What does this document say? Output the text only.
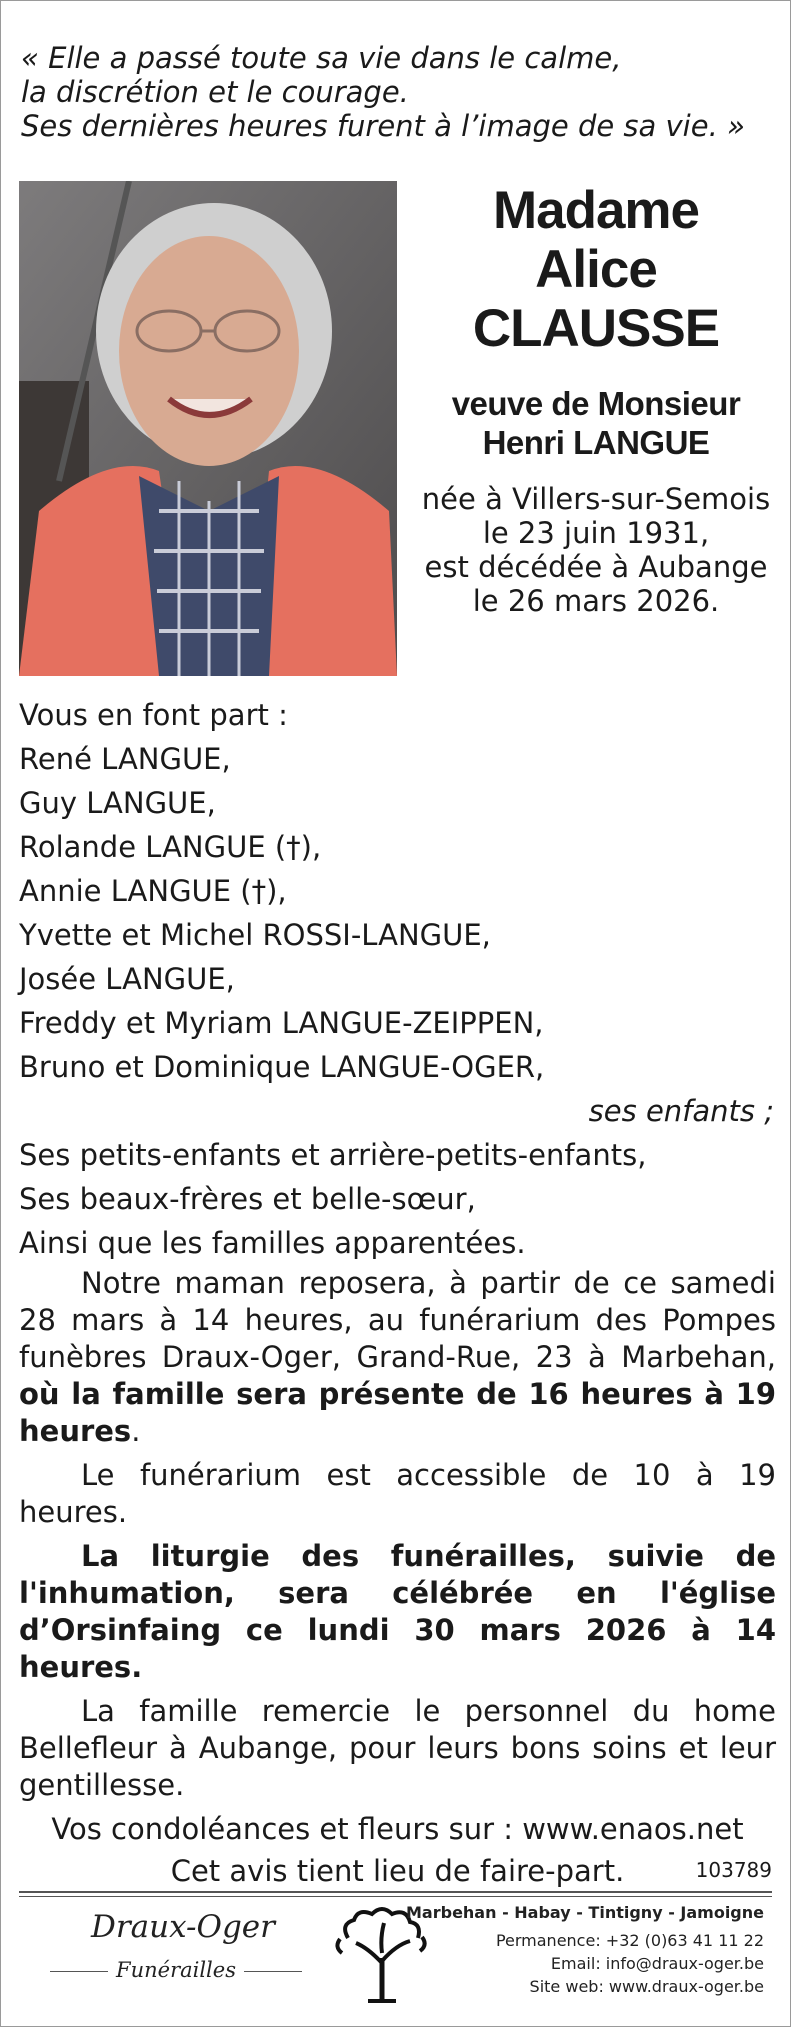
« Elle a passé toute sa vie dans le calme,
la discrétion et le courage.
Ses dernières heures furent à l’image de sa vie. »
Madame
Alice
CLAUSSE
veuve de Monsieur
Henri LANGUE
née à Villers-sur-Semois
le 23 juin 1931,
est décédée à Aubange
le 26 mars 2026.
Vous en font part :
René LANGUE,
Guy LANGUE,
Rolande LANGUE (†),
Annie LANGUE (†),
Yvette et Michel ROSSI-LANGUE,
Josée LANGUE,
Freddy et Myriam LANGUE-ZEIPPEN,
Bruno et Dominique LANGUE-OGER,
ses enfants ;
Ses petits-enfants et arrière-petits-enfants,
Ses beaux-frères et belle-sœur,
Ainsi que les familles apparentées.
Notre maman reposera, à partir de ce samedi 28 mars à 14 heures, au funérarium des Pompes funèbres Draux-Oger, Grand-Rue, 23 à Marbehan, où la famille sera présente de 16 heures à 19 heures.
Le funérarium est accessible de 10 à 19 heures.
La liturgie des funérailles, suivie de l'inhumation, sera célébrée en l'église d’Orsinfaing ce lundi 30 mars 2026 à 14 heures.
La famille remercie le personnel du home Bellefleur à Aubange, pour leurs bons soins et leur gentillesse.
Vos condoléances et fleurs sur : www.enaos.net
Cet avis tient lieu de faire-part.	103789
Draux-Oger
Funérailles
Marbehan - Habay - Tintigny - Jamoigne
Permanence: +32 (0)63 41 11 22
Email: info@draux-oger.be
Site web: www.draux-oger.be
